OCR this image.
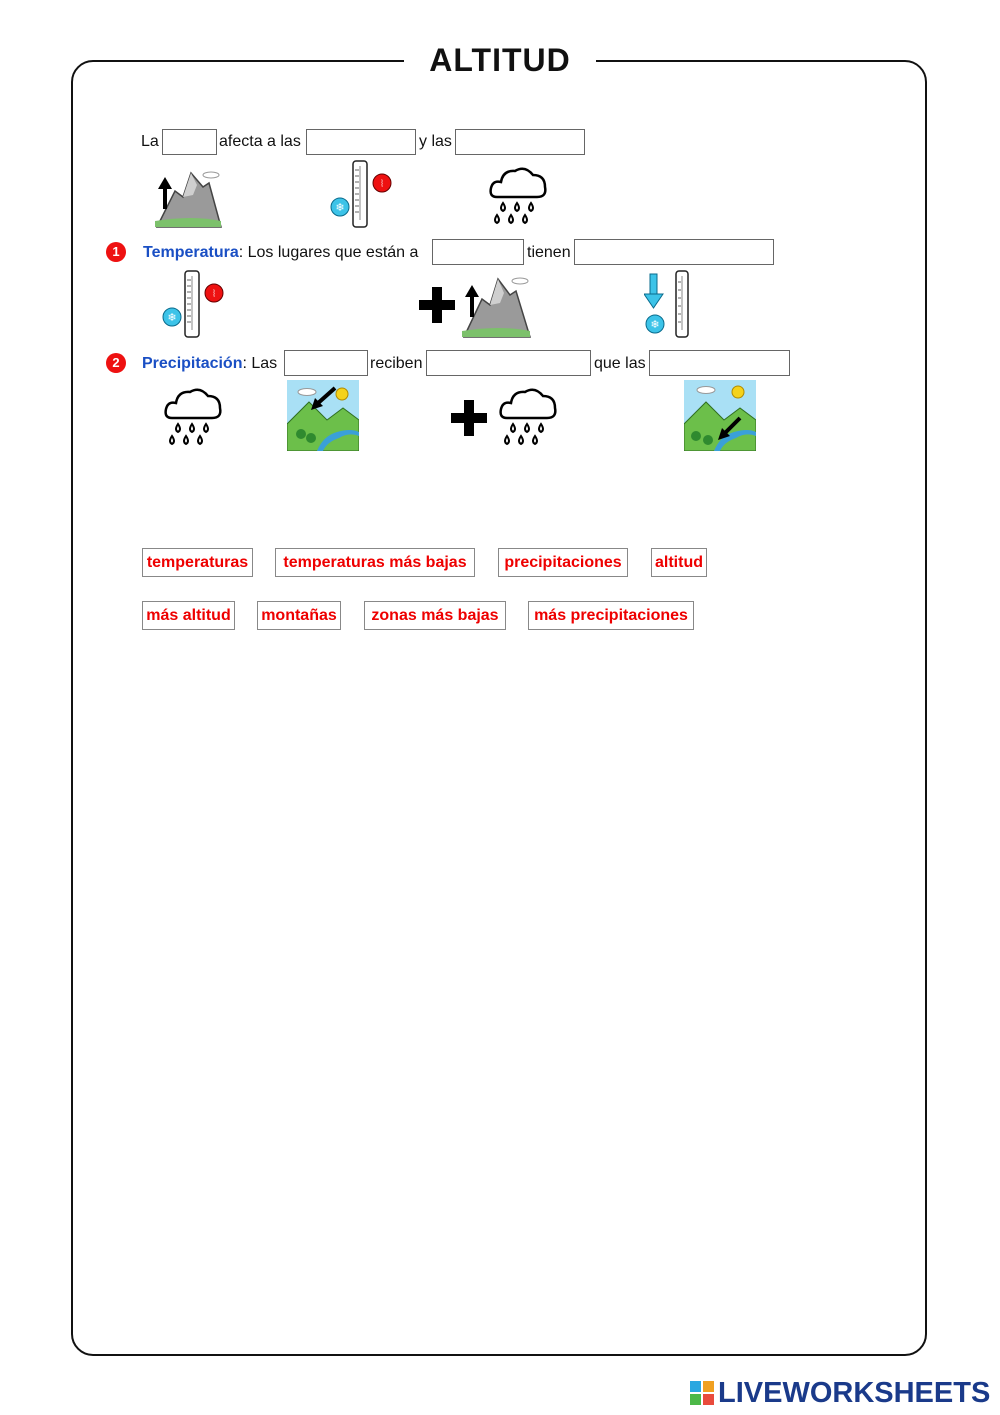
ALTITUD
La	afecta a las	y las
⦚
❄
1	Temperatura: Los lugares que están a	tienen
⦚
❄
❄
2	Precipitación: Las	reciben	que las
temperaturas	temperaturas más bajas	precipitaciones	altitud
más altitud montañas	zonas más bajas	más precipitaciones
LIVEWORKSHEETS
